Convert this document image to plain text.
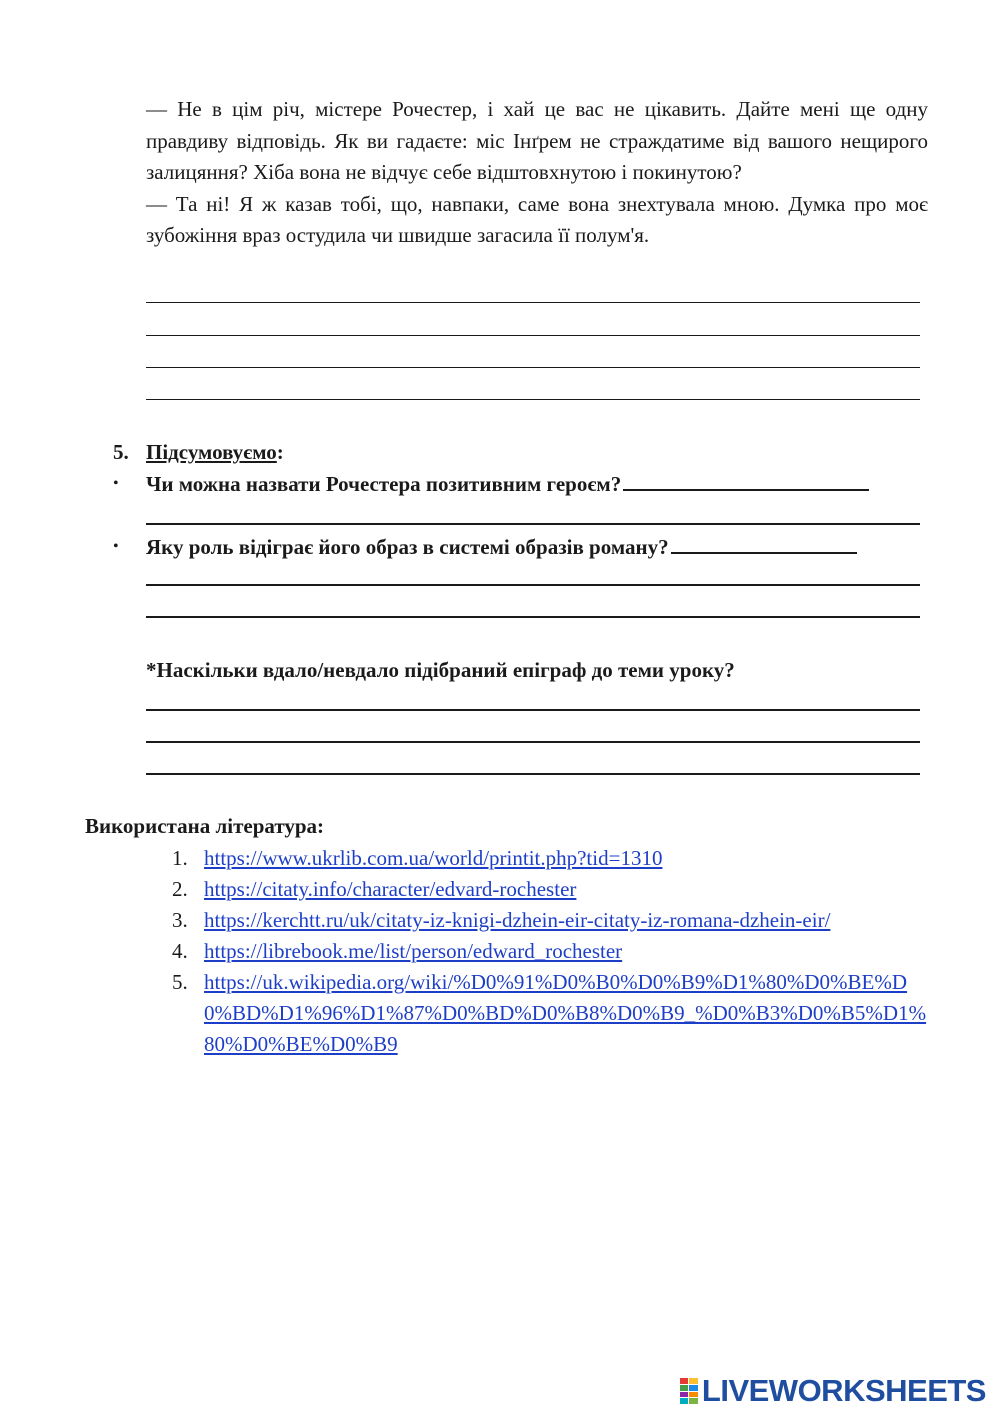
— Не в цім річ, містере Рочестер, і хай це вас не цікавить. Дайте мені ще одну правдиву відповідь. Як ви гадаєте: міс Інґрем не страждатиме від вашого нещирого залицяння? Хіба вона не відчує себе відштовхнутою і покинутою?

— Та ні! Я ж казав тобі, що, навпаки, саме вона знехтувала мною. Думка про моє зубожіння враз остудила чи швидше загасила її полум'я.

5. Підсумовуємо:
• Чи можна назвати Рочестера позитивним героєм?
• Яку роль відіграє його образ в системі образів роману?
*Наскільки вдало/невдало підібраний епіграф до теми уроку?
Використана література:
1. https://www.ukrlib.com.ua/world/printit.php?tid=1310
2. https://citaty.info/character/edvard-rochester
3. https://kerchtt.ru/uk/citaty-iz-knigi-dzhein-eir-citaty-iz-romana-dzhein-eir/
4. https://librebook.me/list/person/edward_rochester
5. https://uk.wikipedia.org/wiki/%D0%91%D0%B0%D0%B9%D1%80%D0%BE%D0%BD%D1%96%D1%87%D0%BD%D0%B8%D0%B9_%D0%B3%D0%B5%D1%80%D0%BE%D0%B9
LIVEWORKSHEETS
